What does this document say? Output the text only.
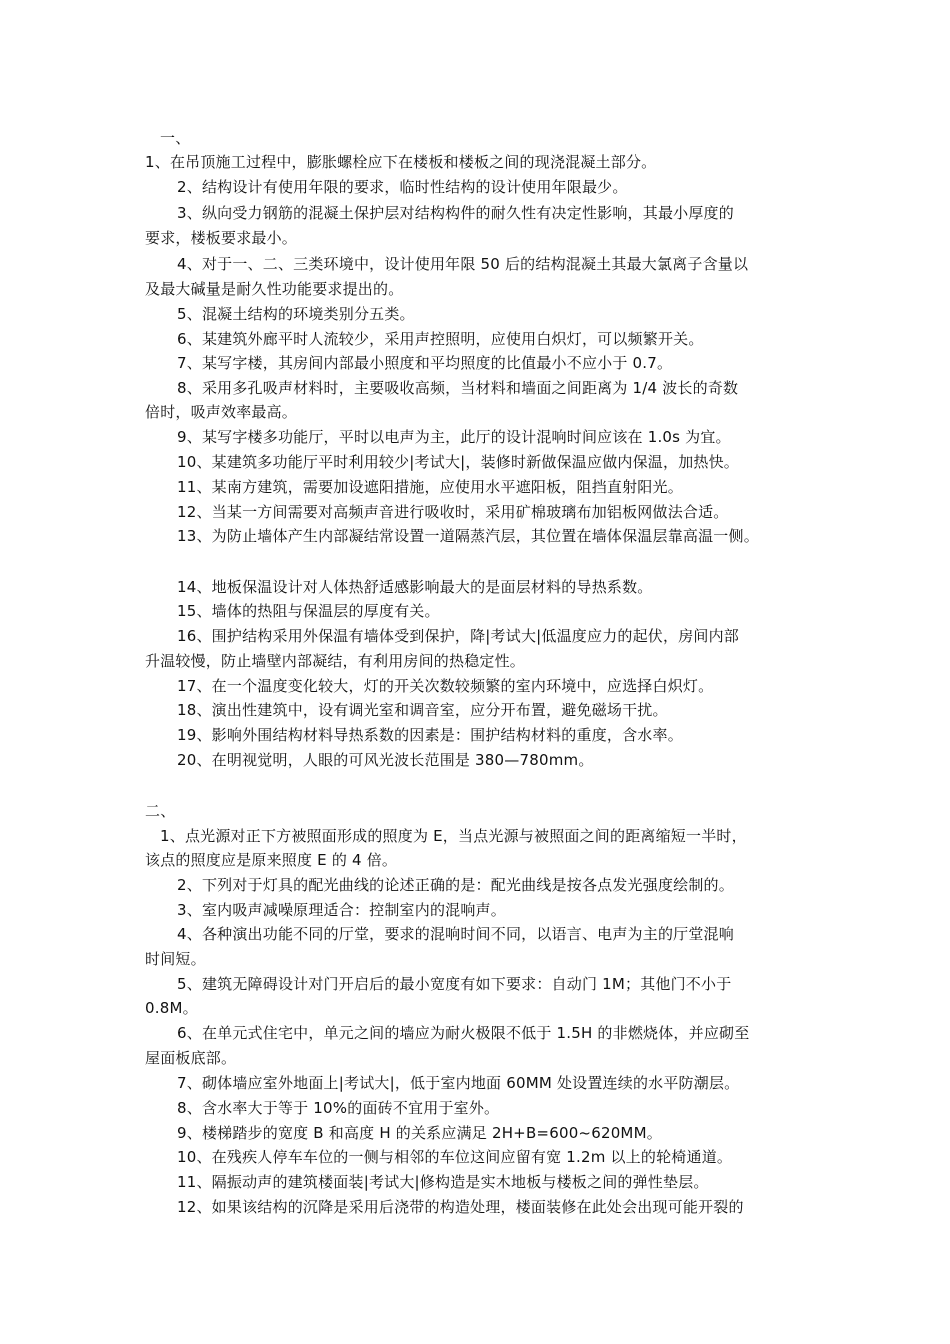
一、
1、在吊顶施工过程中，膨胀螺栓应下在楼板和楼板之间的现浇混凝土部分。
2、结构设计有使用年限的要求，临时性结构的设计使用年限最少。
3、纵向受力钢筋的混凝土保护层对结构构件的耐久性有决定性影响，其最小厚度的
要求，楼板要求最小。
4、对于一、二、三类环境中，设计使用年限 50 后的结构混凝土其最大氯离子含量以
及最大碱量是耐久性功能要求提出的。
5、混凝土结构的环境类别分五类。
6、某建筑外廊平时人流较少，采用声控照明，应使用白炽灯，可以频繁开关。
7、某写字楼，其房间内部最小照度和平均照度的比值最小不应小于 0.7。
8、采用多孔吸声材料时，主要吸收高频，当材料和墙面之间距离为 1/4 波长的奇数
倍时，吸声效率最高。
9、某写字楼多功能厅，平时以电声为主，此厅的设计混响时间应该在 1.0s 为宜。
10、某建筑多功能厅平时利用较少|考试大|，装修时新做保温应做内保温，加热快。
11、某南方建筑，需要加设遮阳措施，应使用水平遮阳板，阻挡直射阳光。
12、当某一方间需要对高频声音进行吸收时，采用矿棉玻璃布加铝板网做法合适。
13、为防止墙体产生内部凝结常设置一道隔蒸汽层，其位置在墙体保温层靠高温一侧。
14、地板保温设计对人体热舒适感影响最大的是面层材料的导热系数。
15、墙体的热阻与保温层的厚度有关。
16、围护结构采用外保温有墙体受到保护，降|考试大|低温度应力的起伏，房间内部
升温较慢，防止墙壁内部凝结，有利用房间的热稳定性。
17、在一个温度变化较大，灯的开关次数较频繁的室内环境中，应选择白炽灯。
18、演出性建筑中，设有调光室和调音室，应分开布置，避免磁场干扰。
19、影响外围结构材料导热系数的因素是：围护结构材料的重度，含水率。
20、在明视觉明，人眼的可风光波长范围是 380—780mm。
二、
1、点光源对正下方被照面形成的照度为 E，当点光源与被照面之间的距离缩短一半时，
该点的照度应是原来照度 E 的 4 倍。
2、下列对于灯具的配光曲线的论述正确的是：配光曲线是按各点发光强度绘制的。
3、室内吸声减噪原理适合：控制室内的混响声。
4、各种演出功能不同的厅堂，要求的混响时间不同，以语言、电声为主的厅堂混响
时间短。
5、建筑无障碍设计对门开启后的最小宽度有如下要求：自动门 1M；其他门不小于
0.8M。
6、在单元式住宅中，单元之间的墙应为耐火极限不低于 1.5H 的非燃烧体，并应砌至
屋面板底部。
7、砌体墙应室外地面上|考试大|，低于室内地面 60MM 处设置连续的水平防潮层。
8、含水率大于等于 10%的面砖不宜用于室外。
9、楼梯踏步的宽度 B 和高度 H 的关系应满足 2H+B=600~620MM。
10、在残疾人停车车位的一侧与相邻的车位这间应留有宽 1.2m 以上的轮椅通道。
11、隔振动声的建筑楼面装|考试大|修构造是实木地板与楼板之间的弹性垫层。
12、如果该结构的沉降是采用后浇带的构造处理，楼面装修在此处会出现可能开裂的
